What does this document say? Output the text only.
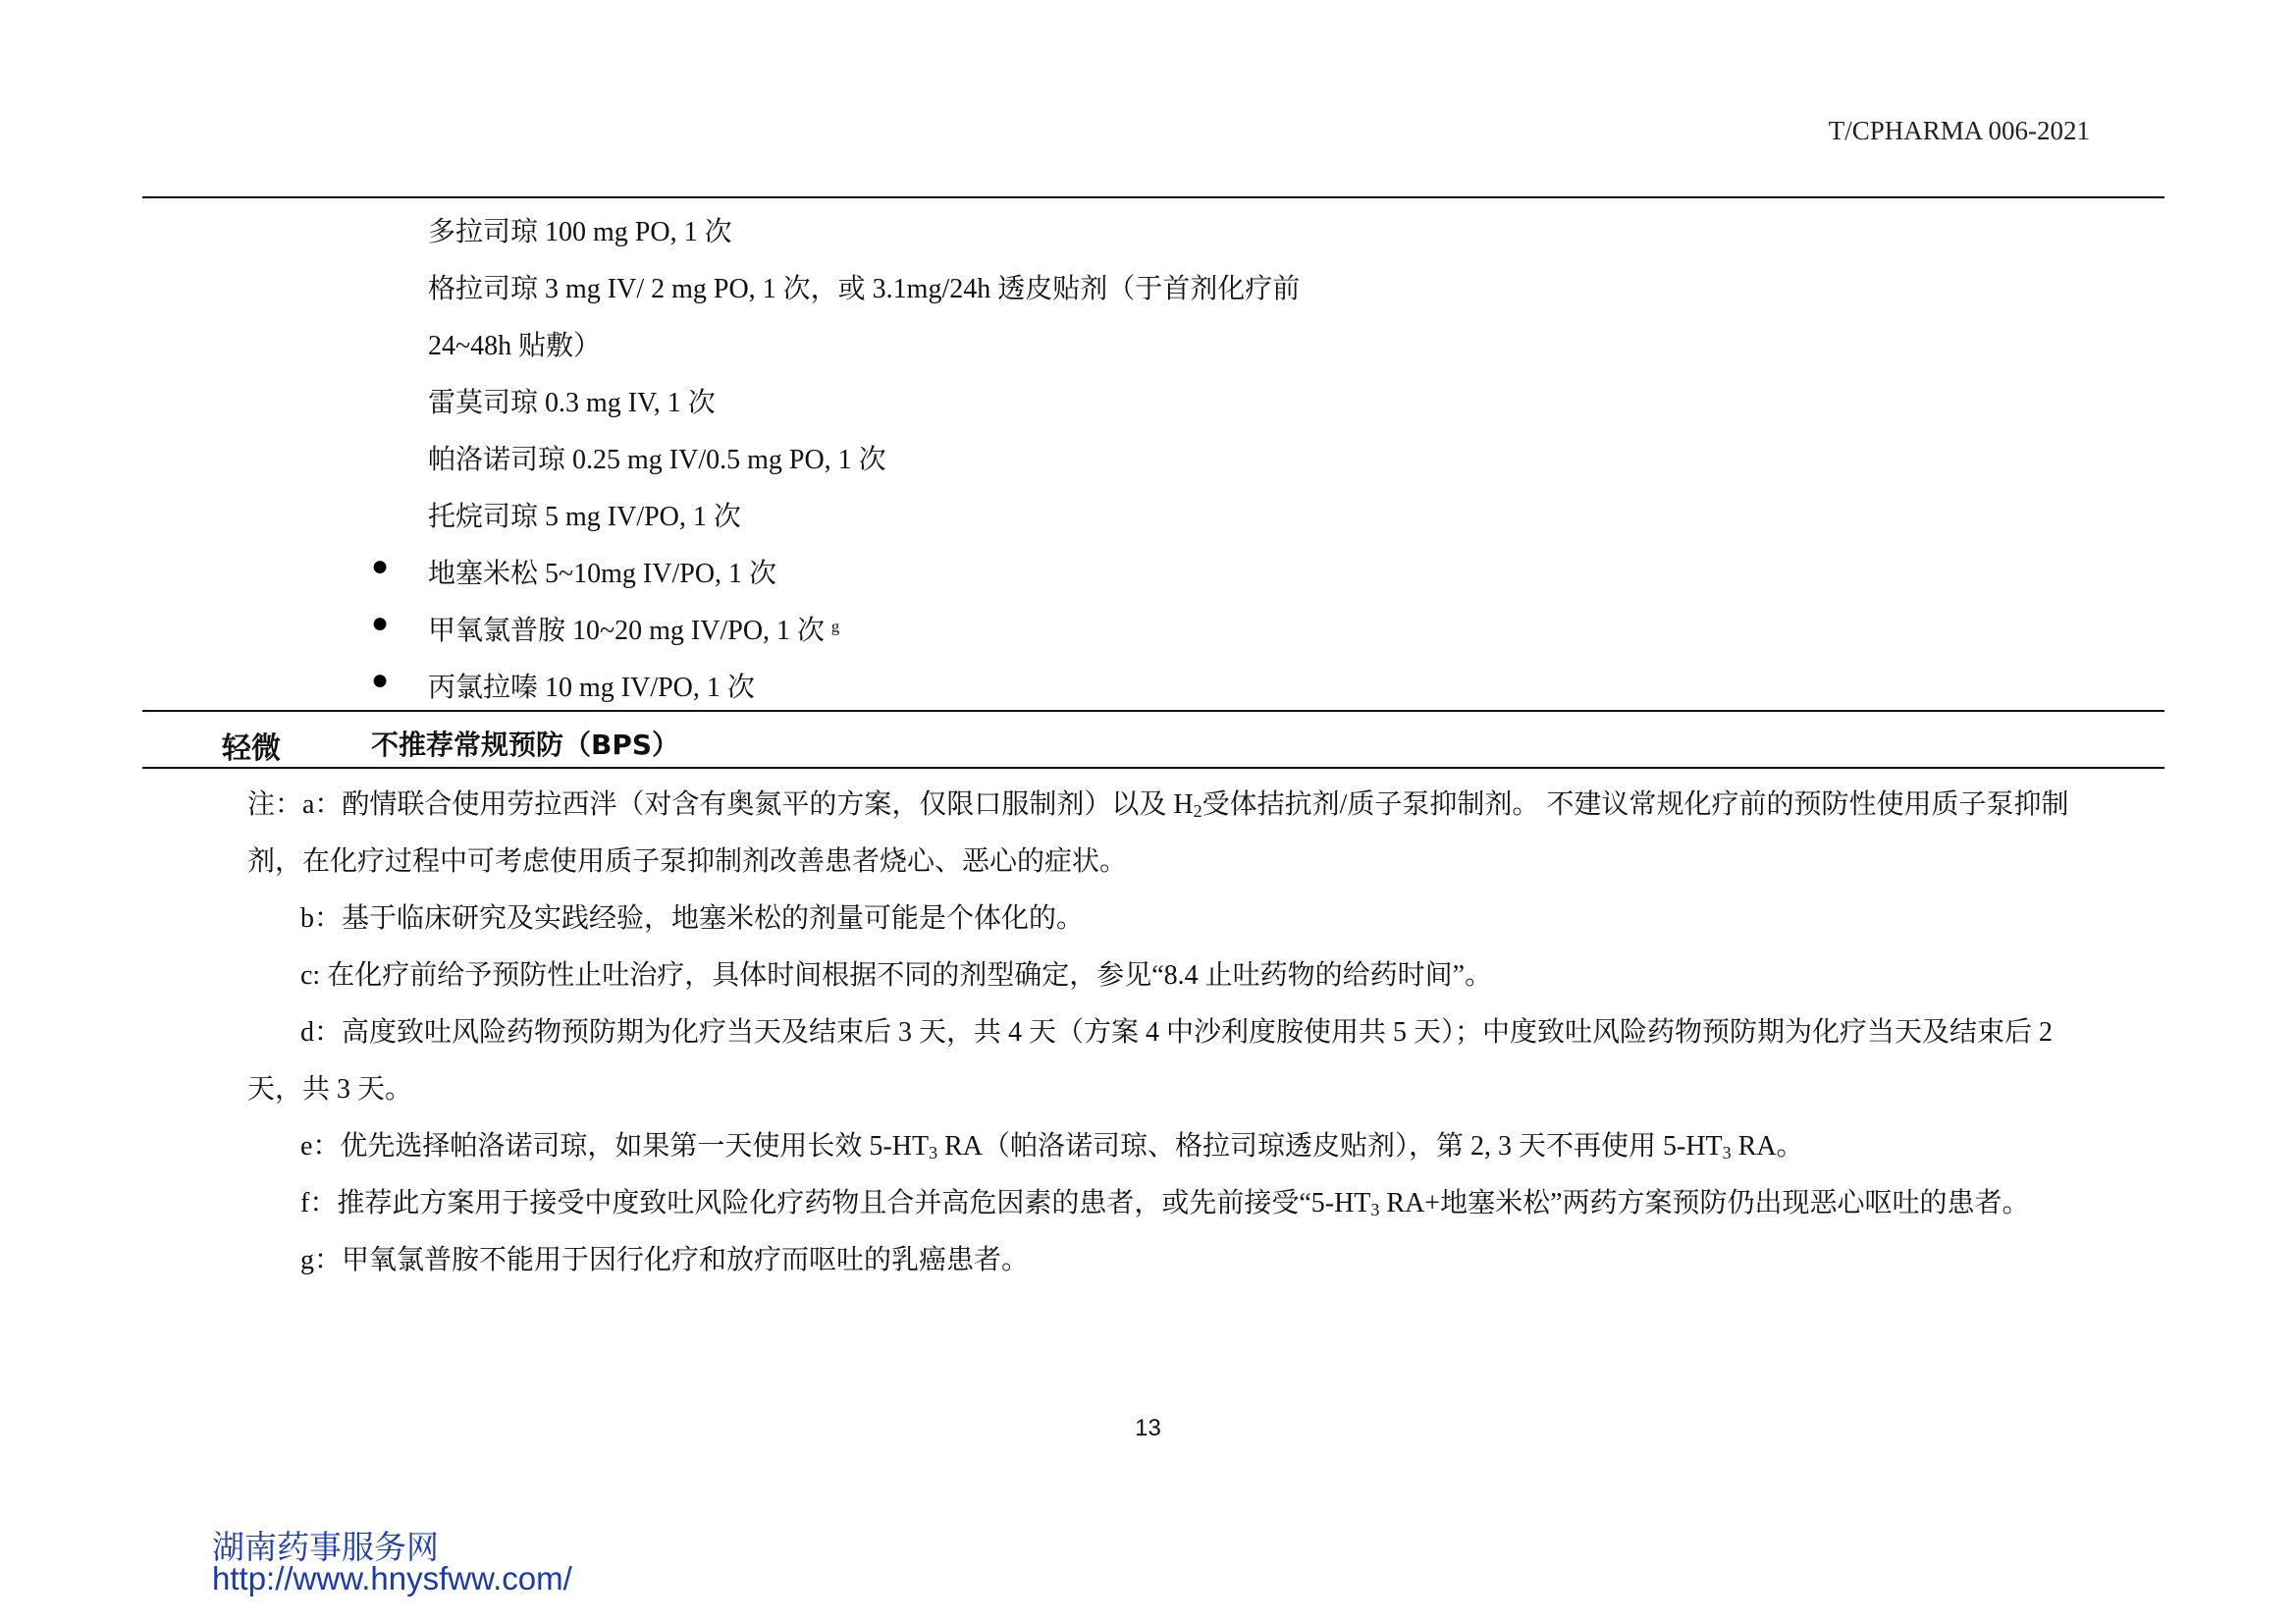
T/CPHARMA 006-2021
多拉司琼 100 mg PO, 1 次
格拉司琼 3 mg IV/ 2 mg PO, 1 次，或 3.1mg/24h 透皮贴剂（于首剂化疗前
24~48h 贴敷）
雷莫司琼 0.3 mg IV, 1 次
帕洛诺司琼 0.25 mg IV/0.5 mg PO, 1 次
托烷司琼 5 mg IV/PO, 1 次
● 地塞米松 5~10mg IV/PO, 1 次
● 甲氧氯普胺 10~20 mg IV/PO, 1 次 ᵍ
● 丙氯拉嗪 10 mg IV/PO, 1 次
轻微	不推荐常规预防（BPS）
注：a：酌情联合使用劳拉西泮（对含有奥氮平的方案，仅限口服制剂）以及 $H_2$受体拮抗剂/质子泵抑制剂。 不建议常规化疗前的预防性使用质子泵抑制
剂，在化疗过程中可考虑使用质子泵抑制剂改善患者烧心、恶心的症状。
b：基于临床研究及实践经验，地塞米松的剂量可能是个体化的。
c: 在化疗前给予预防性止吐治疗，具体时间根据不同的剂型确定，参见“8.4 止吐药物的给药时间”。
d：高度致吐风险药物预防期为化疗当天及结束后 3 天，共 4 天（方案 4 中沙利度胺使用共 5 天）；中度致吐风险药物预防期为化疗当天及结束后 2
天，共 3 天。
e：优先选择帕洛诺司琼，如果第一天使用长效 $5-HT_3$ RA（帕洛诺司琼、格拉司琼透皮贴剂），第 2, 3 天不再使用 $5-HT_3$ RA。
f：推荐此方案用于接受中度致吐风险化疗药物且合并高危因素的患者，或先前接受“$5-HT_3$ RA+地塞米松”两药方案预防仍出现恶心呕吐的患者。
g：甲氧氯普胺不能用于因行化疗和放疗而呕吐的乳癌患者。
13
湖南药事服务网
http://www.hnysfww.com/
